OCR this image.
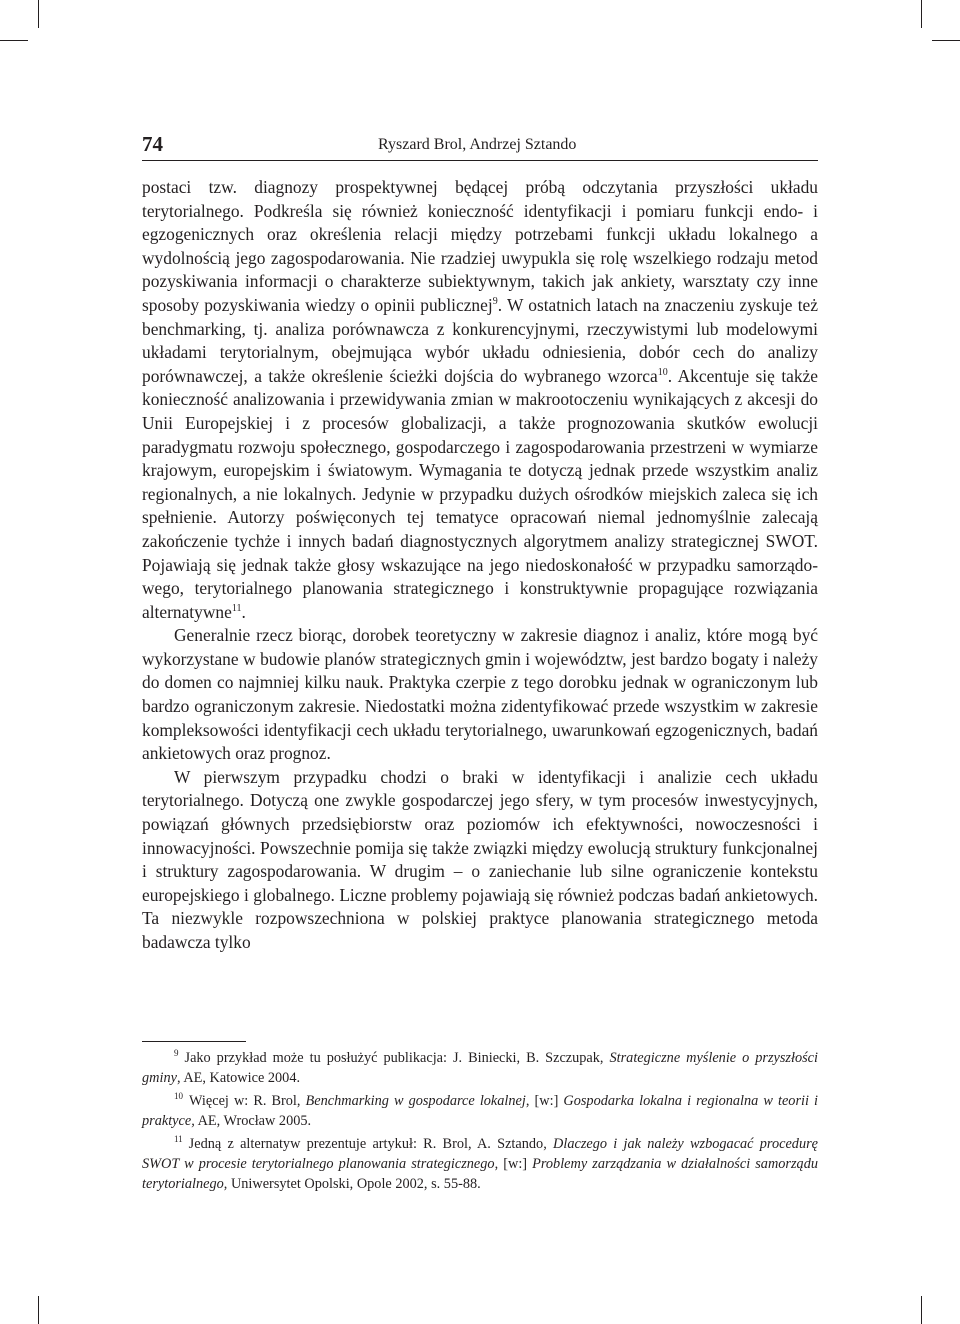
74	Ryszard Brol, Andrzej Sztando

postaci tzw. diagnozy prospektywnej będącej próbą odczytania przyszłości układu terytorialnego. Podkreśla się również konieczność identyfikacji i pomiaru funkcji endo- i egzogenicznych oraz określenia relacji między potrzebami funkcji układu lokalnego a wydolnością jego zagospodarowania. Nie rzadziej uwypukla się rolę wszelkiego rodzaju metod pozyskiwania informacji o charakterze subiektywnym, takich jak ankiety, warsztaty czy inne sposoby pozyskiwania wiedzy o opinii publicznej$^9$. W ostatnich latach na znaczeniu zyskuje też benchmarking, tj. analiza porównawcza z konkurencyjnymi, rzeczywistymi lub modelowymi układami terytorialnym, obejmująca wybór układu odniesienia, dobór cech do analizy porównawczej, a także określenie ścieżki dojścia do wybranego wzorca$^{10}$. Akcentuje się także konieczność analizowania i przewidywania zmian w makrootoczeniu wynikających z akcesji do Unii Europejskiej i z procesów globalizacji, a także prognozowania skutków ewolucji paradygmatu rozwoju społecznego, gospodarczego i zagospodarowania przestrzeni w wymiarze krajowym, europejskim i światowym. Wymagania te dotyczą jednak przede wszystkim analiz regionalnych, a nie lokalnych. Jedynie w przypadku dużych ośrodków miejskich zaleca się ich spełnienie. Autorzy poświęconych tej tematyce opracowań niemal jednomyślnie zalecają zakończenie tychże i innych badań diagnostycznych algorytmem analizy strategicznej SWOT. Pojawiają się jednak także głosy wskazujące na jego niedoskonałość w przypadku samorządowego, terytorialnego planowania strategicznego i konstruktywnie propagujące rozwiązania alternatywne$^{11}$.

Generalnie rzecz biorąc, dorobek teoretyczny w zakresie diagnoz i analiz, które mogą być wykorzystane w budowie planów strategicznych gmin i województw, jest bardzo bogaty i należy do domen co najmniej kilku nauk. Praktyka czerpie z tego dorobku jednak w ograniczonym lub bardzo ograniczonym zakresie. Niedostatki można zidentyfikować przede wszystkim w zakresie kompleksowości identyfikacji cech układu terytorialnego, uwarunkowań egzogenicznych, badań ankietowych oraz prognoz.

W pierwszym przypadku chodzi o braki w identyfikacji i analizie cech układu terytorialnego. Dotyczą one zwykle gospodarczej jego sfery, w tym procesów inwestycyjnych, powiązań głównych przedsiębiorstw oraz poziomów ich efektywności, nowoczesności i innowacyjności. Powszechnie pomija się także związki między ewolucją struktury funkcjonalnej i struktury zagospodarowania. W drugim – o zaniechanie lub silne ograniczenie kontekstu europejskiego i globalnego. Liczne problemy pojawiają się również podczas badań ankietowych. Ta niezwykle rozpowszechniona w polskiej praktyce planowania strategicznego metoda badawcza tylko

$^9$ Jako przykład może tu posłużyć publikacja: J. Biniecki, B. Szczupak, Strategiczne myślenie o przyszłości gminy, AE, Katowice 2004.

$^{10}$ Więcej w: R. Brol, Benchmarking w gospodarce lokalnej, [w:] Gospodarka lokalna i regionalna w teorii i praktyce, AE, Wrocław 2005.

$^{11}$ Jedną z alternatyw prezentuje artykuł: R. Brol, A. Sztando, Dlaczego i jak należy wzbogacać procedurę SWOT w procesie terytorialnego planowania strategicznego, [w:] Problemy zarządzania w działalności samorządu terytorialnego, Uniwersytet Opolski, Opole 2002, s. 55-88.
